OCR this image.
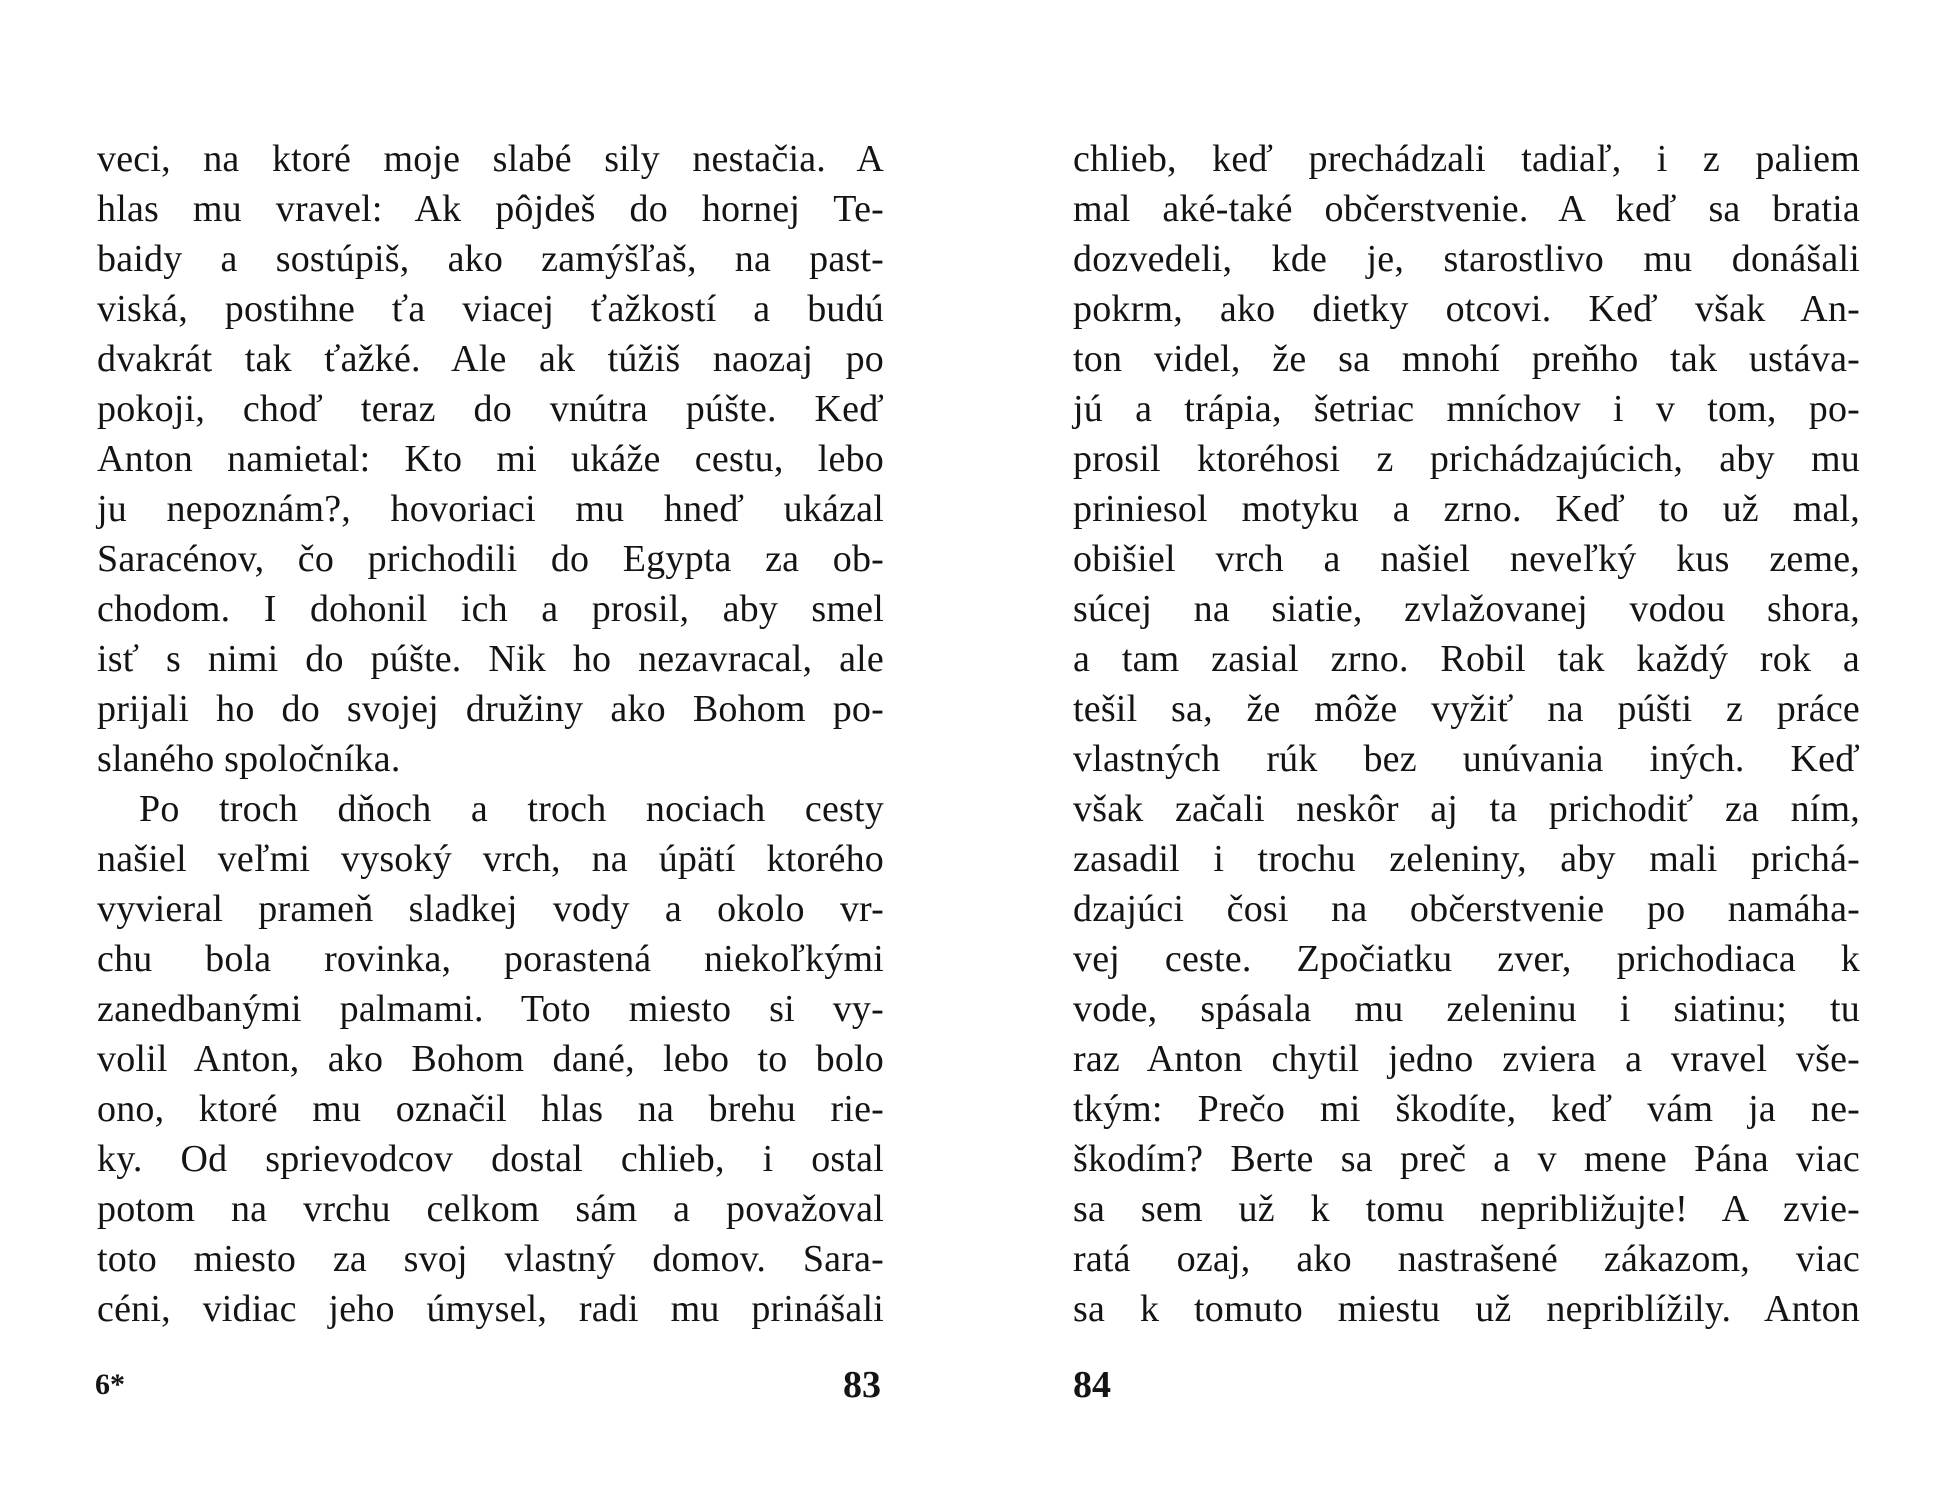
veci, na ktoré moje slabé sily nestačia. A
hlas mu vravel: Ak pôjdeš do hornej Te-
baidy a sostúpiš, ako zamýšľaš, na past-
viská, postihne ťa viacej ťažkostí a budú
dvakrát tak ťažké. Ale ak túžiš naozaj po
pokoji, choď teraz do vnútra púšte. Keď
Anton namietal: Kto mi ukáže cestu, lebo
ju nepoznám?, hovoriaci mu hneď ukázal
Saracénov, čo prichodili do Egypta za ob-
chodom. I dohonil ich a prosil, aby smel
isť s nimi do púšte. Nik ho nezavracal, ale
prijali ho do svojej družiny ako Bohom po-
slaného spoločníka.
Po troch dňoch a troch nociach cesty
našiel veľmi vysoký vrch, na úpätí ktorého
vyvieral prameň sladkej vody a okolo vr-
chu bola rovinka, porastená niekoľkými
zanedbanými palmami. Toto miesto si vy-
volil Anton, ako Bohom dané, lebo to bolo
ono, ktoré mu označil hlas na brehu rie-
ky. Od sprievodcov dostal chlieb, i ostal
potom na vrchu celkom sám a považoval
toto miesto za svoj vlastný domov. Sara-
céni, vidiac jeho úmysel, radi mu prinášali
6*	83
chlieb, keď prechádzali tadiaľ, i z paliem
mal aké-také občerstvenie. A keď sa bratia
dozvedeli, kde je, starostlivo mu donášali
pokrm, ako dietky otcovi. Keď však An-
ton videl, že sa mnohí preňho tak ustáva-
jú a trápia, šetriac mníchov i v tom, po-
prosil ktoréhosi z prichádzajúcich, aby mu
priniesol motyku a zrno. Keď to už mal,
obišiel vrch a našiel neveľký kus zeme,
súcej na siatie, zvlažovanej vodou shora,
a tam zasial zrno. Robil tak každý rok a
tešil sa, že môže vyžiť na púšti z práce
vlastných rúk bez unúvania iných. Keď
však začali neskôr aj ta prichodiť za ním,
zasadil i trochu zeleniny, aby mali prichá-
dzajúci čosi na občerstvenie po namáha-
vej ceste. Zpočiatku zver, prichodiaca k
vode, spásala mu zeleninu i siatinu; tu
raz Anton chytil jedno zviera a vravel vše-
tkým: Prečo mi škodíte, keď vám ja ne-
škodím? Berte sa preč a v mene Pána viac
sa sem už k tomu nepribližujte! A zvie-
ratá ozaj, ako nastrašené zákazom, viac
sa k tomuto miestu už nepriblížily. Anton
84
